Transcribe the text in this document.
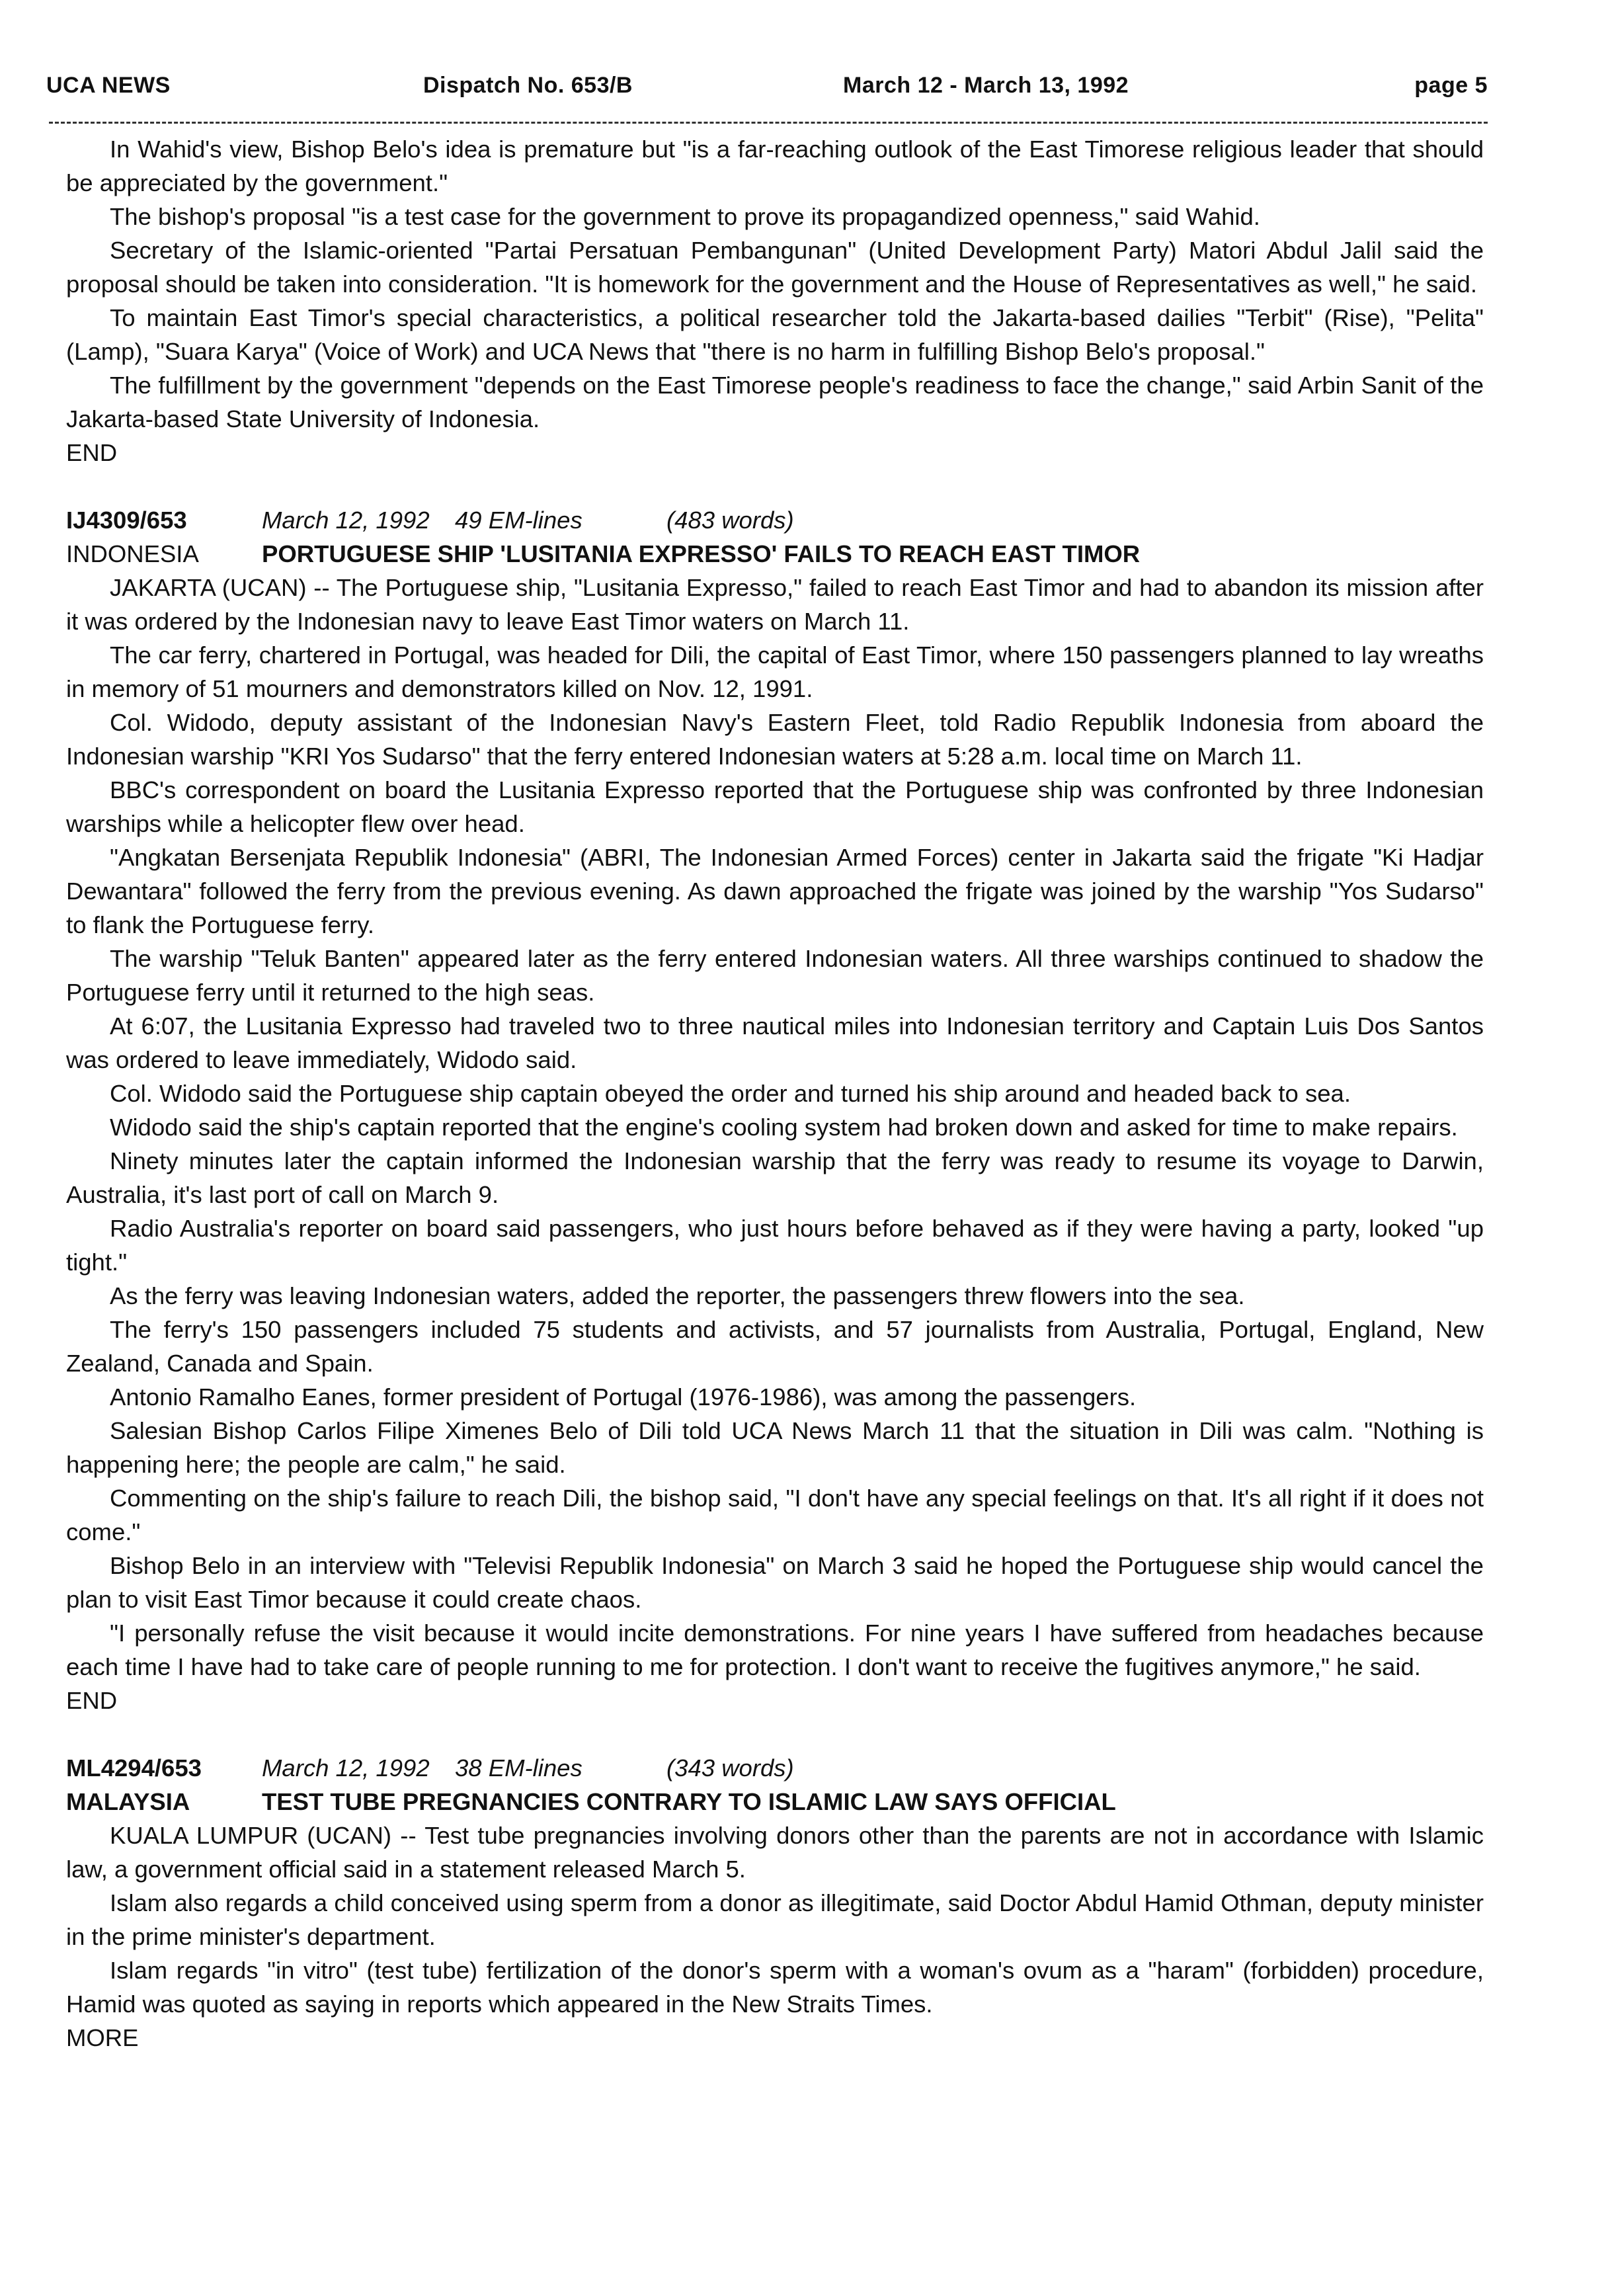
UCA NEWS	Dispatch No. 653/B	March 12 - March 13, 1992	page 5

In Wahid's view, Bishop Belo's idea is premature but "is a far-reaching outlook of the East Timorese religious leader that should be appreciated by the government."

The bishop's proposal "is a test case for the government to prove its propagandized openness," said Wahid.

Secretary of the Islamic-oriented "Partai Persatuan Pembangunan" (United Development Party) Matori Abdul Jalil said the proposal should be taken into consideration. "It is homework for the government and the House of Representatives as well," he said.

To maintain East Timor's special characteristics, a political researcher told the Jakarta-based dailies "Terbit" (Rise), "Pelita" (Lamp), "Suara Karya" (Voice of Work) and UCA News that "there is no harm in fulfilling Bishop Belo's proposal."

The fulfillment by the government "depends on the East Timorese people's readiness to face the change," said Arbin Sanit of the Jakarta-based State University of Indonesia.

END

IJ4309/653	March 12, 1992 49 EM-lines	(483 words)

INDONESIA	PORTUGUESE SHIP 'LUSITANIA EXPRESSO' FAILS TO REACH EAST TIMOR

JAKARTA (UCAN) -- The Portuguese ship, "Lusitania Expresso," failed to reach East Timor and had to abandon its mission after it was ordered by the Indonesian navy to leave East Timor waters on March 11.

The car ferry, chartered in Portugal, was headed for Dili, the capital of East Timor, where 150 passengers planned to lay wreaths in memory of 51 mourners and demonstrators killed on Nov. 12, 1991.

Col. Widodo, deputy assistant of the Indonesian Navy's Eastern Fleet, told Radio Republik Indonesia from aboard the Indonesian warship "KRI Yos Sudarso" that the ferry entered Indonesian waters at 5:28 a.m. local time on March 11.

BBC's correspondent on board the Lusitania Expresso reported that the Portuguese ship was confronted by three Indonesian warships while a helicopter flew over head.

"Angkatan Bersenjata Republik Indonesia" (ABRI, The Indonesian Armed Forces) center in Jakarta said the frigate "Ki Hadjar Dewantara" followed the ferry from the previous evening. As dawn approached the frigate was joined by the warship "Yos Sudarso" to flank the Portuguese ferry.

The warship "Teluk Banten" appeared later as the ferry entered Indonesian waters. All three warships continued to shadow the Portuguese ferry until it returned to the high seas.

At 6:07, the Lusitania Expresso had traveled two to three nautical miles into Indonesian territory and Captain Luis Dos Santos was ordered to leave immediately, Widodo said.

Col. Widodo said the Portuguese ship captain obeyed the order and turned his ship around and headed back to sea.

Widodo said the ship's captain reported that the engine's cooling system had broken down and asked for time to make repairs.

Ninety minutes later the captain informed the Indonesian warship that the ferry was ready to resume its voyage to Darwin, Australia, it's last port of call on March 9.

Radio Australia's reporter on board said passengers, who just hours before behaved as if they were having a party, looked "up tight."

As the ferry was leaving Indonesian waters, added the reporter, the passengers threw flowers into the sea.

The ferry's 150 passengers included 75 students and activists, and 57 journalists from Australia, Portugal, England, New Zealand, Canada and Spain.

Antonio Ramalho Eanes, former president of Portugal (1976-1986), was among the passengers.

Salesian Bishop Carlos Filipe Ximenes Belo of Dili told UCA News March 11 that the situation in Dili was calm. "Nothing is happening here; the people are calm," he said.

Commenting on the ship's failure to reach Dili, the bishop said, "I don't have any special feelings on that. It's all right if it does not come."

Bishop Belo in an interview with "Televisi Republik Indonesia" on March 3 said he hoped the Portuguese ship would cancel the plan to visit East Timor because it could create chaos.

"I personally refuse the visit because it would incite demonstrations. For nine years I have suffered from headaches because each time I have had to take care of people running to me for protection. I don't want to receive the fugitives anymore," he said.

END

ML4294/653 March 12, 1992 38 EM-lines	(343 words)

MALAYSIA	TEST TUBE PREGNANCIES CONTRARY TO ISLAMIC LAW SAYS OFFICIAL

KUALA LUMPUR (UCAN) -- Test tube pregnancies involving donors other than the parents are not in accordance with Islamic law, a government official said in a statement released March 5.

Islam also regards a child conceived using sperm from a donor as illegitimate, said Doctor Abdul Hamid Othman, deputy minister in the prime minister's department.

Islam regards "in vitro" (test tube) fertilization of the donor's sperm with a woman's ovum as a "haram" (forbidden) procedure, Hamid was quoted as saying in reports which appeared in the New Straits Times.

MORE
